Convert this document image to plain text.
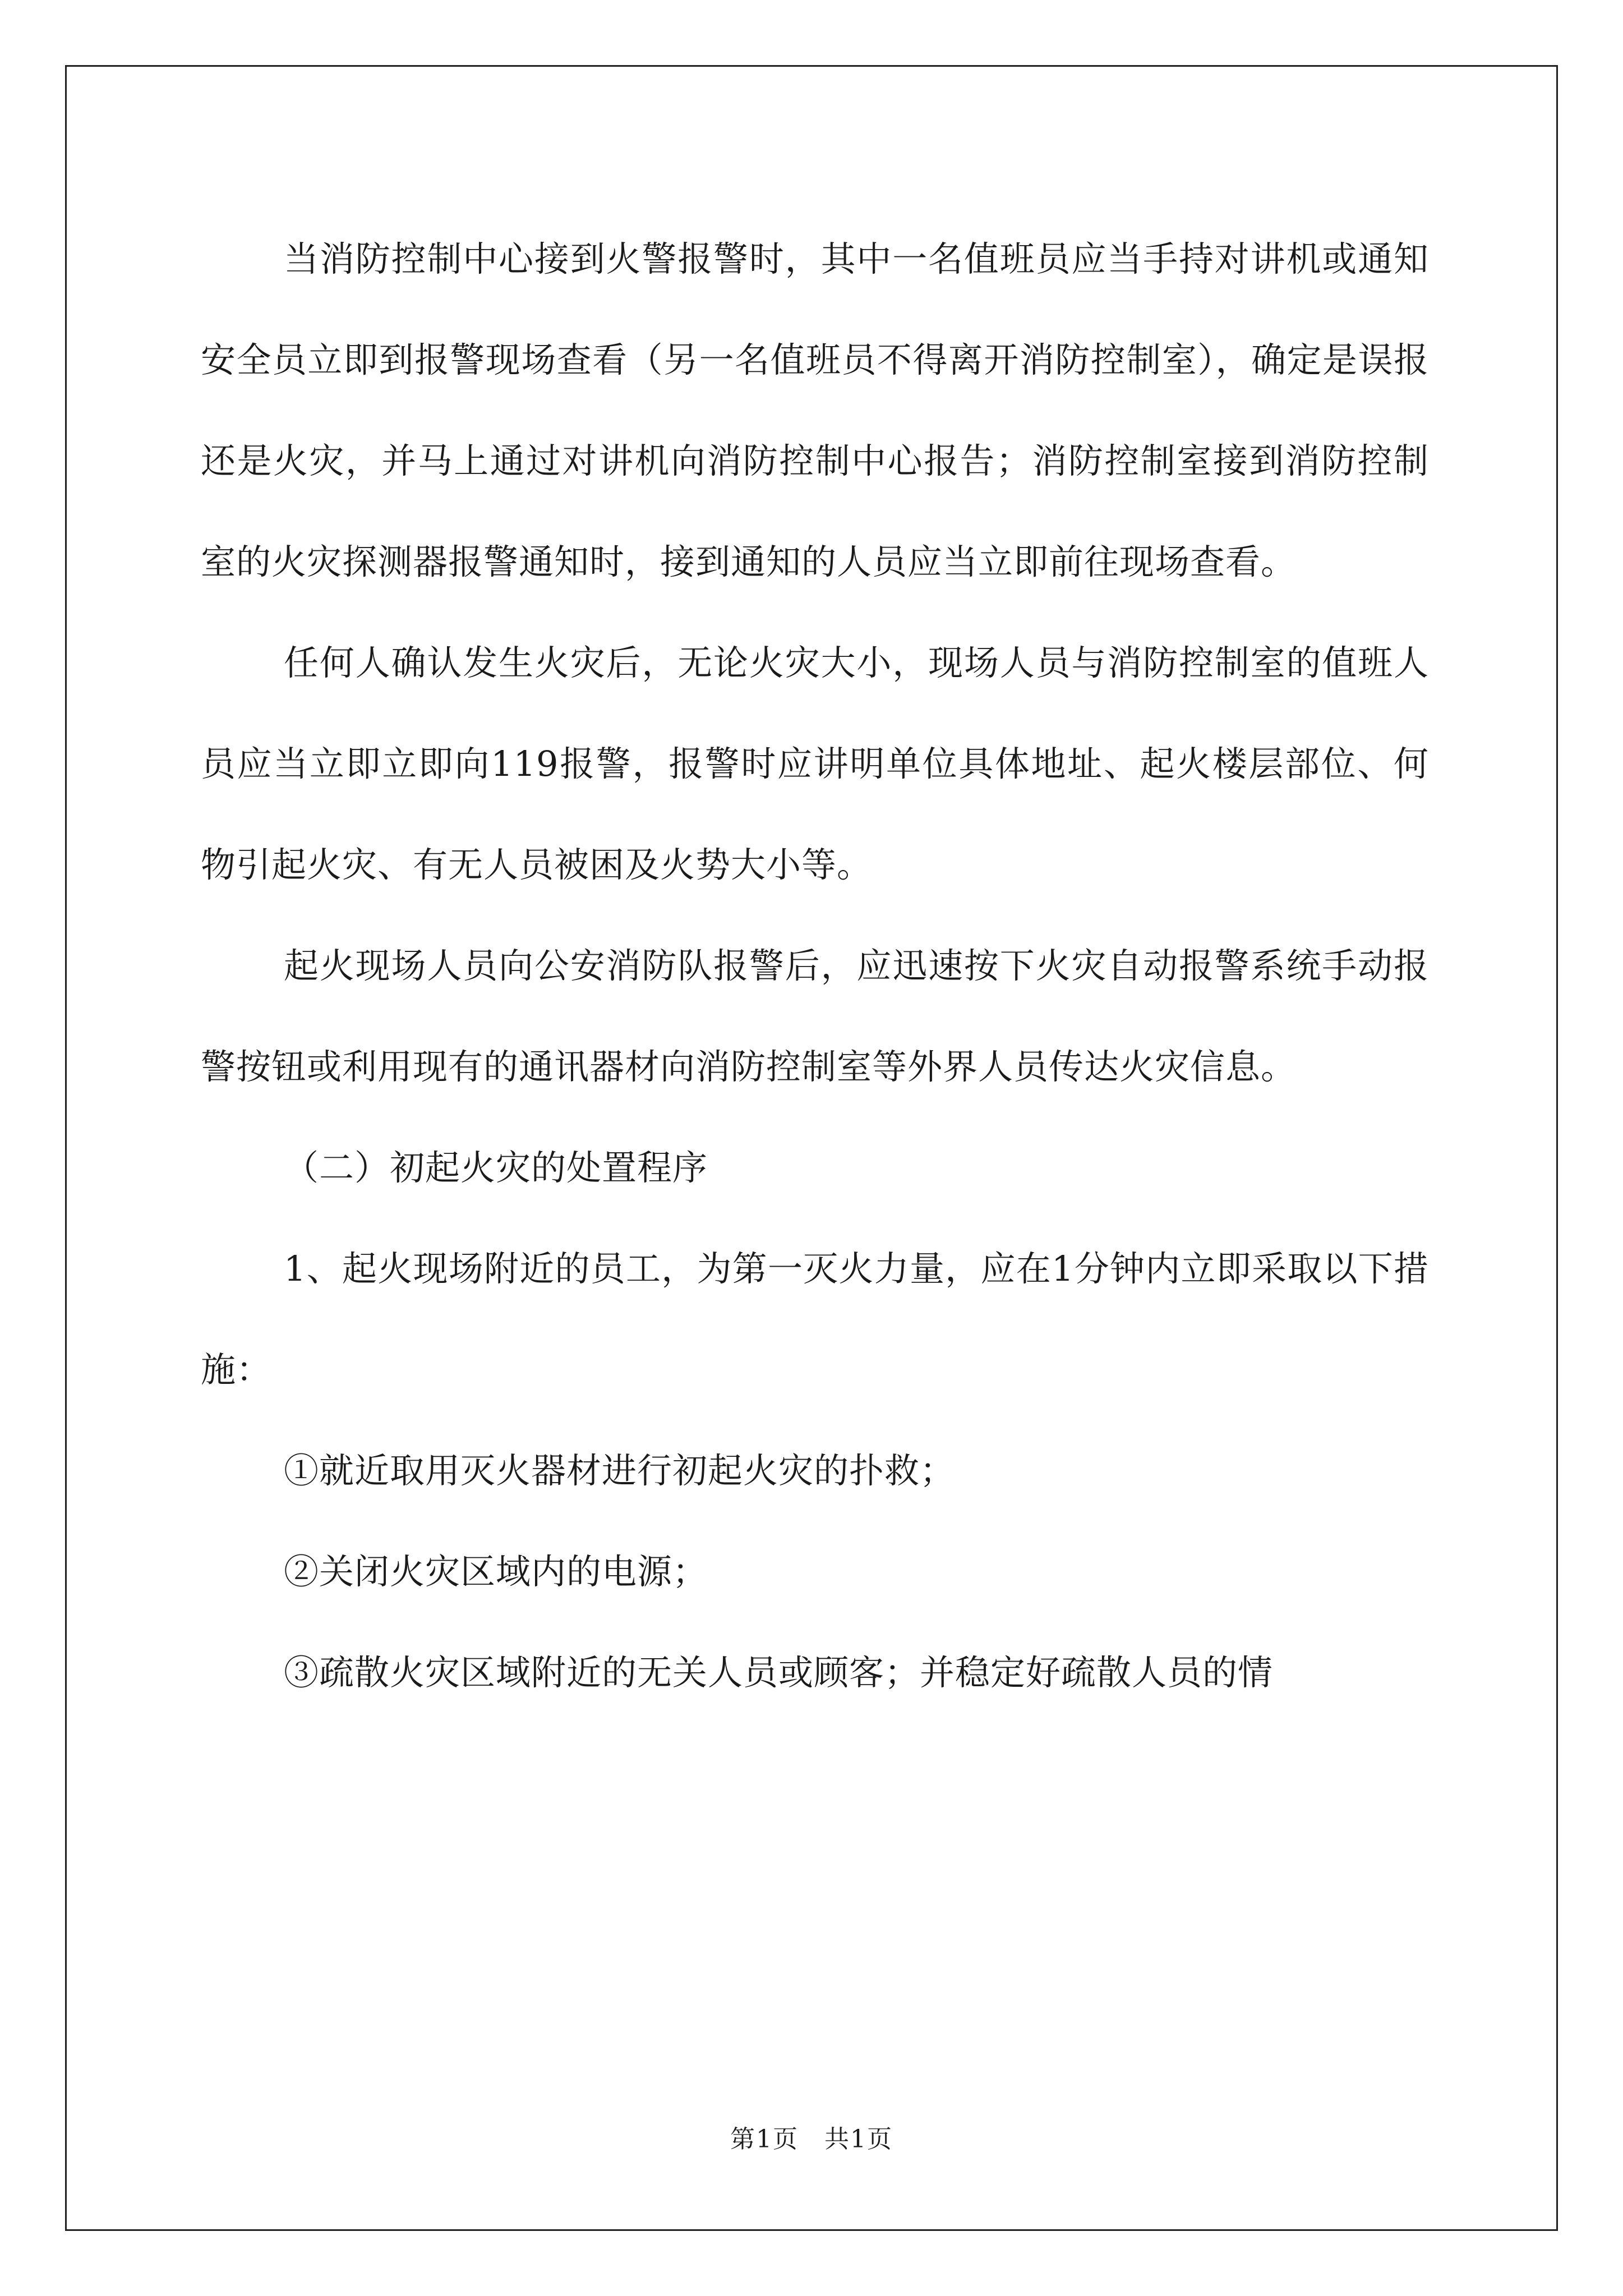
当消防控制中心接到火警报警时，其中一名值班员应当手持对讲机或通知安全员立即到报警现场查看（另一名值班员不得离开消防控制室），确定是误报还是火灾，并马上通过对讲机向消防控制中心报告；消防控制室接到消防控制室的火灾探测器报警通知时，接到通知的人员应当立即前往现场查看。

任何人确认发生火灾后，无论火灾大小，现场人员与消防控制室的值班人员应当立即立即向119报警，报警时应讲明单位具体地址、起火楼层部位、何物引起火灾、有无人员被困及火势大小等。

起火现场人员向公安消防队报警后，应迅速按下火灾自动报警系统手动报警按钮或利用现有的通讯器材向消防控制室等外界人员传达火灾信息。

（二）初起火灾的处置程序

1、起火现场附近的员工，为第一灭火力量，应在1分钟内立即采取以下措施：

①就近取用灭火器材进行初起火灾的扑救；

②关闭火灾区域内的电源；

③疏散火灾区域附近的无关人员或顾客；并稳定好疏散人员的情

第1页　共1页
